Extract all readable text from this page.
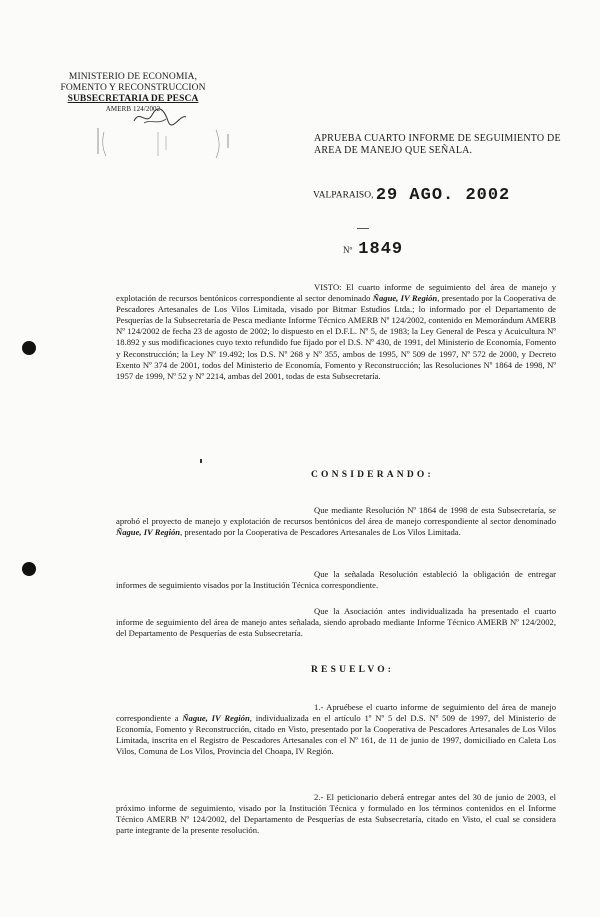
MINISTERIO DE ECONOMIA,
FOMENTO Y RECONSTRUCCION
SUBSECRETARIA DE PESCA
AMERB 124/2002
APRUEBA CUARTO INFORME DE SEGUIMIENTO DE AREA DE MANEJO QUE SEÑALA.
VALPARAISO, 29 AGO. 2002
Nº 1849
VISTO: El cuarto informe de seguimiento del área de manejo y explotación de recursos bentónicos correspondiente al sector denominado Ñague, IV Región, presentado por la Cooperativa de Pescadores Artesanales de Los Vilos Limitada, visado por Bitmar Estudios Ltda.; lo informado por el Departamento de Pesquerías de la Subsecretaría de Pesca mediante Informe Técnico AMERB Nº 124/2002, contenido en Memorándum AMERB Nº 124/2002 de fecha 23 de agosto de 2002; lo dispuesto en el D.F.L. Nº 5, de 1983; la Ley General de Pesca y Acuicultura Nº 18.892 y sus modificaciones cuyo texto refundido fue fijado por el D.S. Nº 430, de 1991, del Ministerio de Economía, Fomento y Reconstrucción; la Ley Nº 19.492; los D.S. Nº 268 y Nº 355, ambos de 1995, Nº 509 de 1997, Nº 572 de 2000, y Decreto Exento Nº 374 de 2001, todos del Ministerio de Economía, Fomento y Reconstrucción; las Resoluciones Nº 1864 de 1998, Nº 1957 de 1999, Nº 52 y Nº 2214, ambas del 2001, todas de esta Subsecretaría.
CONSIDERANDO:
Que mediante Resolución Nº 1864 de 1998 de esta Subsecretaría, se aprobó el proyecto de manejo y explotación de recursos bentónicos del área de manejo correspondiente al sector denominado Ñague, IV Región, presentado por la Cooperativa de Pescadores Artesanales de Los Vilos Limitada.
Que la señalada Resolución estableció la obligación de entregar informes de seguimiento visados por la Institución Técnica correspondiente.
Que la Asociación antes individualizada ha presentado el cuarto informe de seguimiento del área de manejo antes señalada, siendo aprobado mediante Informe Técnico AMERB Nº 124/2002, del Departamento de Pesquerías de esta Subsecretaría.
RESUELVO:
1.- Apruébese el cuarto informe de seguimiento del área de manejo correspondiente a Ñague, IV Región, individualizada en el artículo 1º Nº 5 del D.S. Nº 509 de 1997, del Ministerio de Economía, Fomento y Reconstrucción, citado en Visto, presentado por la Cooperativa de Pescadores Artesanales de Los Vilos Limitada, inscrita en el Registro de Pescadores Artesanales con el Nº 161, de 11 de junio de 1997, domiciliado en Caleta Los Vilos, Comuna de Los Vilos, Provincia del Choapa, IV Región.
2.- El peticionario deberá entregar antes del 30 de junio de 2003, el próximo informe de seguimiento, visado por la Institución Técnica y formulado en los términos contenidos en el Informe Técnico AMERB Nº 124/2002, del Departamento de Pesquerías de esta Subsecretaría, citado en Visto, el cual se considera parte integrante de la presente resolución.
